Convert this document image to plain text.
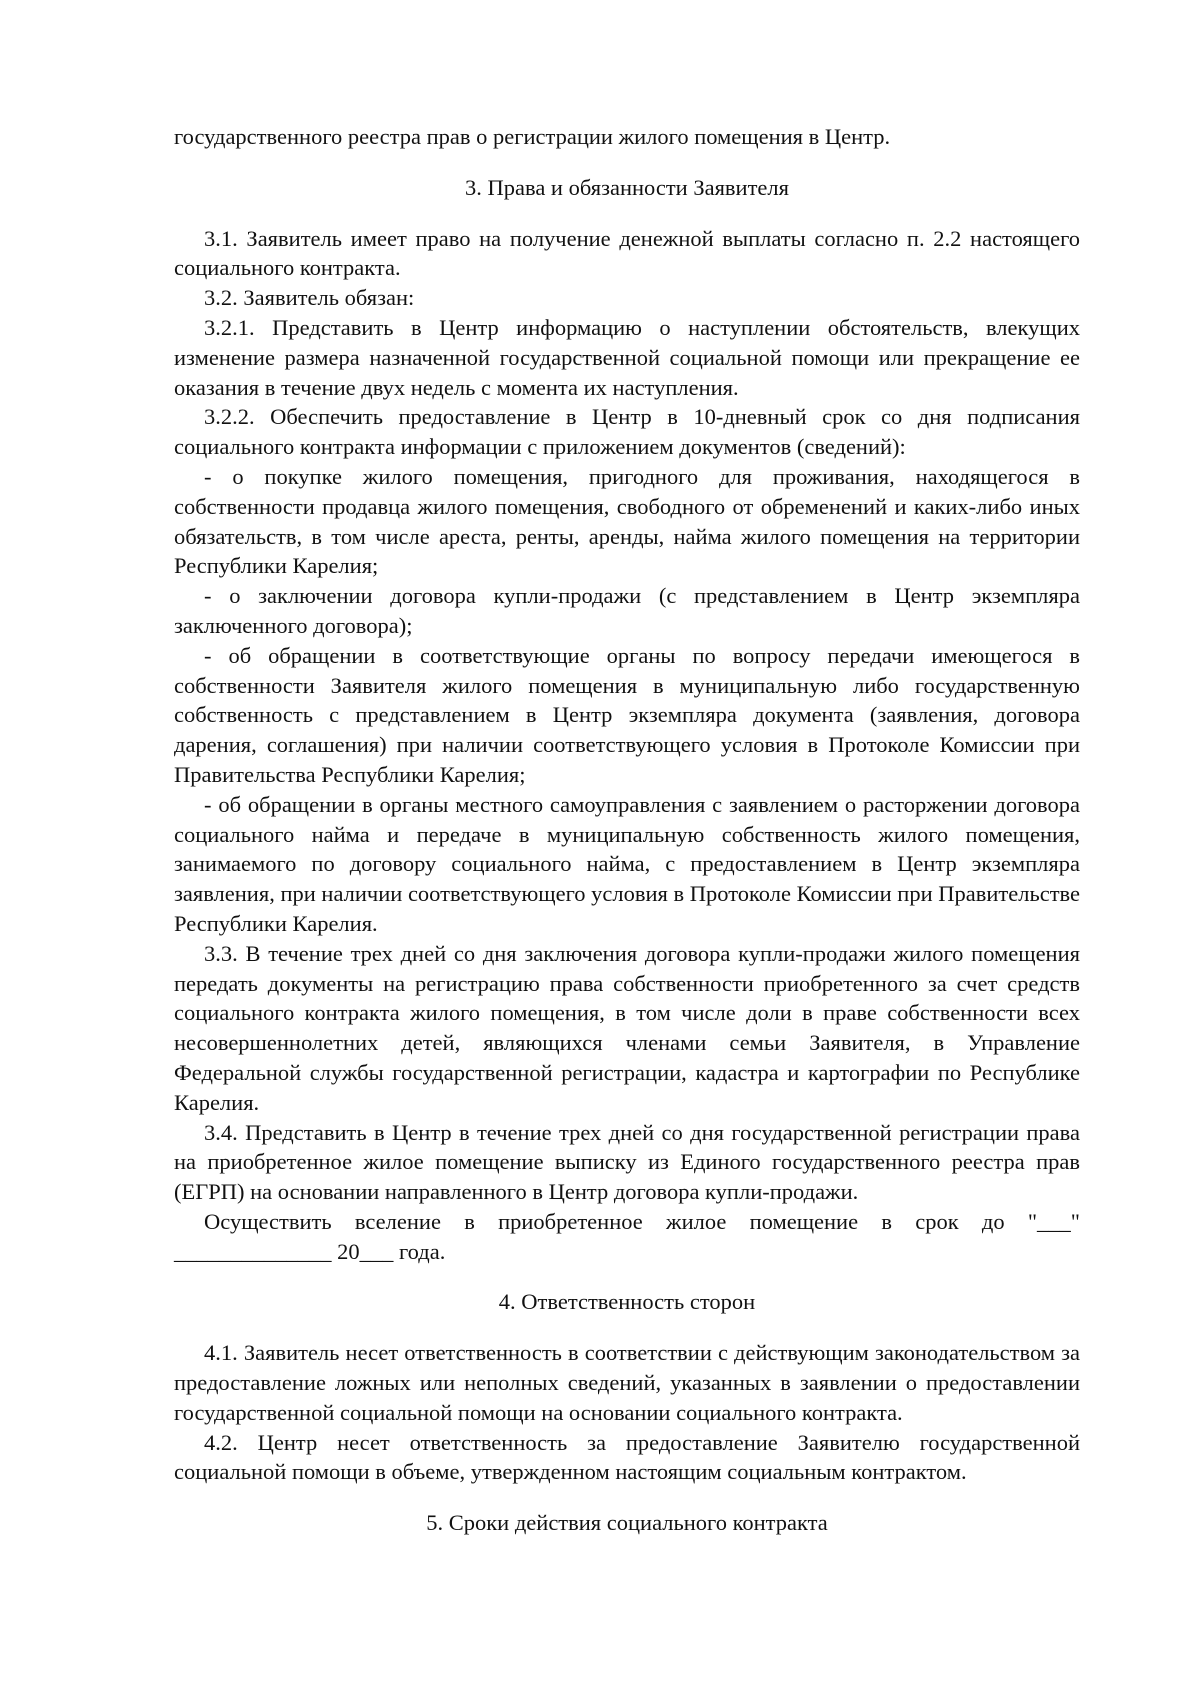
государственного реестра прав о регистрации жилого помещения в Центр.

3. Права и обязанности Заявителя

3.1. Заявитель имеет право на получение денежной выплаты согласно п. 2.2 настоящего социального контракта.

3.2. Заявитель обязан:

3.2.1. Представить в Центр информацию о наступлении обстоятельств, влекущих изменение размера назначенной государственной социальной помощи или прекращение ее оказания в течение двух недель с момента их наступления.

3.2.2. Обеспечить предоставление в Центр в 10-дневный срок со дня подписания социального контракта информации с приложением документов (сведений):

- о покупке жилого помещения, пригодного для проживания, находящегося в собственности продавца жилого помещения, свободного от обременений и каких-либо иных обязательств, в том числе ареста, ренты, аренды, найма жилого помещения на территории Республики Карелия;

- о заключении договора купли-продажи (с представлением в Центр экземпляра заключенного договора);

- об обращении в соответствующие органы по вопросу передачи имеющегося в собственности Заявителя жилого помещения в муниципальную либо государственную собственность с представлением в Центр экземпляра документа (заявления, договора дарения, соглашения) при наличии соответствующего условия в Протоколе Комиссии при Правительства Республики Карелия;

- об обращении в органы местного самоуправления с заявлением о расторжении договора социального найма и передаче в муниципальную собственность жилого помещения, занимаемого по договору социального найма, с предоставлением в Центр экземпляра заявления, при наличии соответствующего условия в Протоколе Комиссии при Правительстве Республики Карелия.

3.3. В течение трех дней со дня заключения договора купли-продажи жилого помещения передать документы на регистрацию права собственности приобретенного за счет средств социального контракта жилого помещения, в том числе доли в праве собственности всех несовершеннолетних детей, являющихся членами семьи Заявителя, в Управление Федеральной службы государственной регистрации, кадастра и картографии по Республике Карелия.

3.4. Представить в Центр в течение трех дней со дня государственной регистрации права на приобретенное жилое помещение выписку из Единого государственного реестра прав (ЕГРП) на основании направленного в Центр договора купли-продажи.

Осуществить вселение в приобретенное жилое помещение в срок до "___"

______________ 20___ года.

4. Ответственность сторон

4.1. Заявитель несет ответственность в соответствии с действующим законодательством за предоставление ложных или неполных сведений, указанных в заявлении о предоставлении государственной социальной помощи на основании социального контракта.

4.2. Центр несет ответственность за предоставление Заявителю государственной социальной помощи в объеме, утвержденном настоящим социальным контрактом.

5. Сроки действия социального контракта
